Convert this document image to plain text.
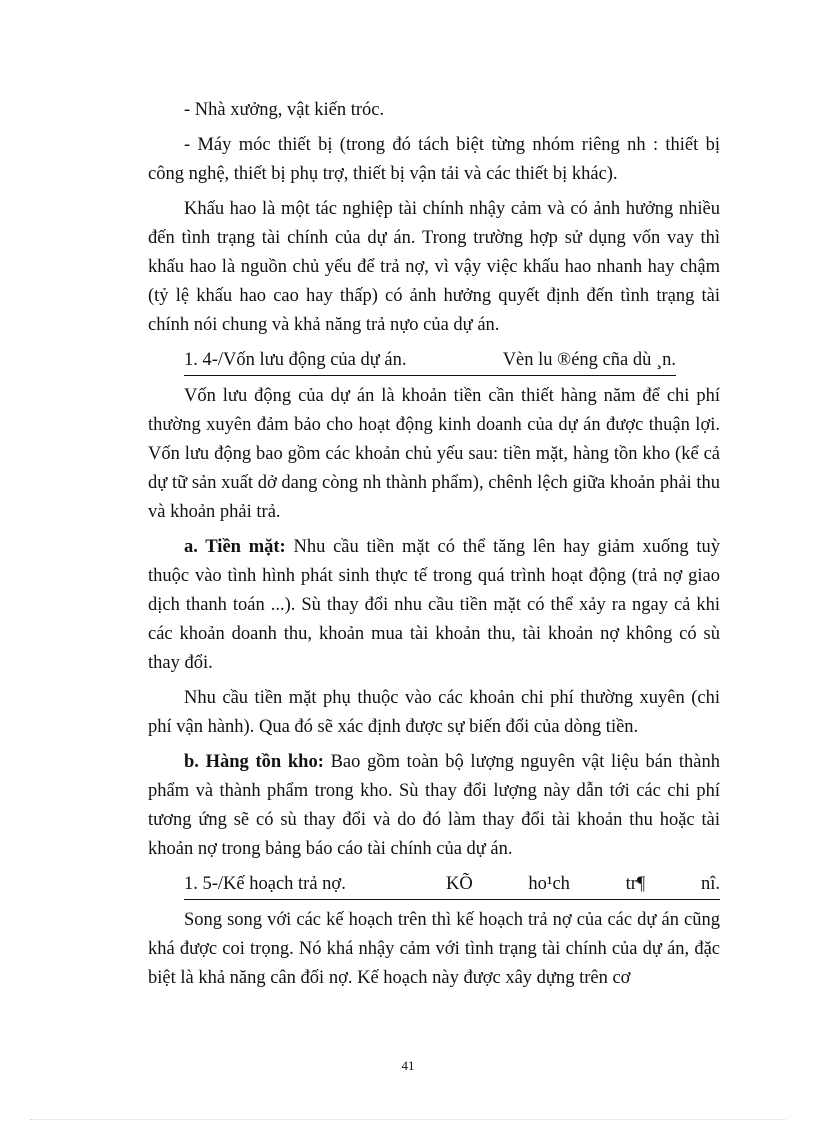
- Nhà xưởng, vật kiến tróc.

- Máy móc thiết bị (trong đó tách biệt từng nhóm riêng nh : thiết bị công nghệ, thiết bị phụ trợ, thiết bị vận tải và các thiết bị khác).

Khấu hao là một tác nghiệp tài chính nhậy cảm và có ảnh hưởng nhiều đến tình trạng tài chính của dự án. Trong trường hợp sử dụng vốn vay thì khấu hao là nguồn chủ yếu để trả nợ, vì vậy việc khấu hao nhanh hay chậm (tỷ lệ khấu hao cao hay thấp) có ảnh hưởng quyết định đến tình trạng tài chính nói chung và khả năng trả nựo của dự án.

1. 4-/Vốn lưu động của dự án.	Vèn lu ®éng cña dù ¸n.

Vốn lưu động của dự án là khoản tiền cần thiết hàng năm để chi phí thường xuyên đảm bảo cho hoạt động kinh doanh của dự án được thuận lợi. Vốn lưu động bao gồm các khoản chủ yếu sau: tiền mặt, hàng tồn kho (kể cả dự tữ sản xuất dở dang còng nh thành phẩm), chênh lệch giữa khoản phải thu và khoản phải trả.

a. Tiền mặt: Nhu cầu tiền mặt có thể tăng lên hay giảm xuống tuỳ thuộc vào tình hình phát sinh thực tế trong quá trình hoạt động (trả nợ giao dịch thanh toán ...). Sù thay đổi nhu cầu tiền mặt có thể xảy ra ngay cả khi các khoản doanh thu, khoản mua tài khoản thu, tài khoản nợ không có sù thay đổi.

Nhu cầu tiền mặt phụ thuộc vào các khoản chi phí thường xuyên (chi phí vận hành). Qua đó sẽ xác định được sự biến đổi của dòng tiền.

b. Hàng tồn kho: Bao gồm toàn bộ lượng nguyên vật liệu bán thành phẩm và thành phẩm trong kho. Sù thay đổi lượng này dẫn tới các chi phí tương ứng sẽ có sù thay đổi và do đó làm thay đổi tài khoản thu hoặc tài khoản nợ trong bảng báo cáo tài chính của dự án.

1. 5-/Kế hoạch trả nợ.	KÕ	ho¹ch	tr¶	nî.

Song song với các kế hoạch trên thì kế hoạch trả nợ của các dự án cũng khá được coi trọng. Nó khá nhậy cảm với tình trạng tài chính của dự án, đặc biệt là khả năng cân đối nợ. Kế hoạch này được xây dựng trên cơ

41
